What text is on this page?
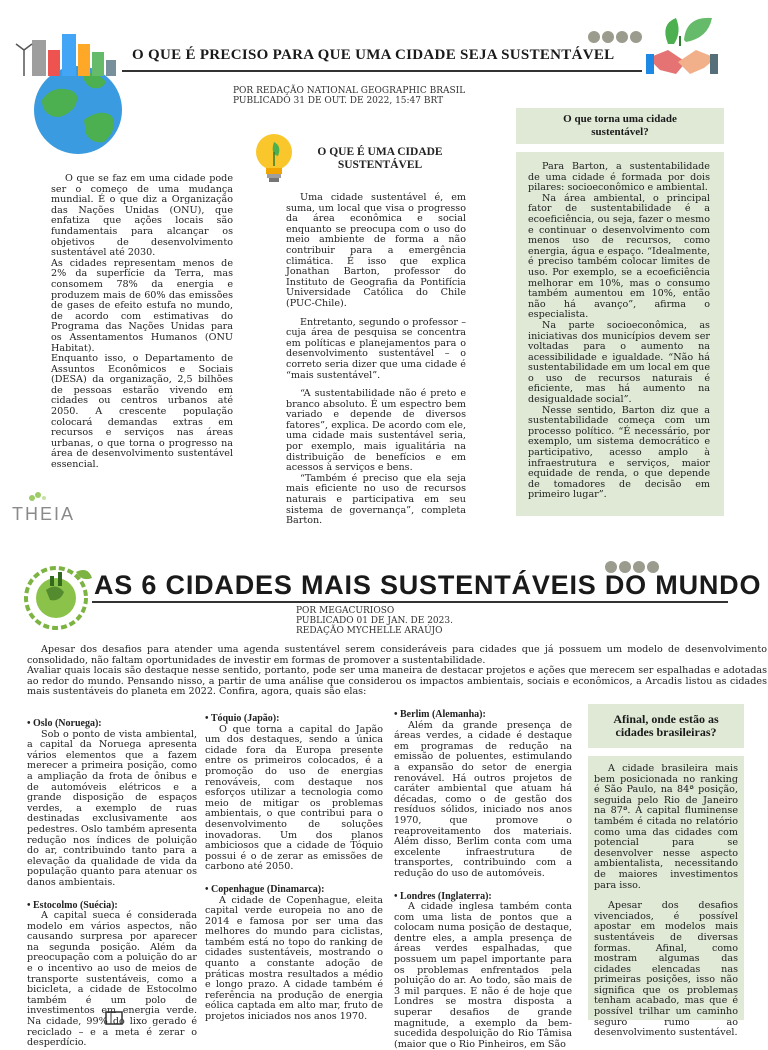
O QUE É PRECISO PARA QUE UMA CIDADE SEJA SUSTENTÁVEL
POR REDAÇÃO NATIONAL GEOGRAPHIC BRASIL
PUBLICADO 31 DE OUT. DE 2022, 15:47 BRT

O que se faz em uma cidade pode ser o começo de uma mudança mundial. É o que diz a Organização das Nações Unidas (ONU), que enfatiza que ações locais são fundamentais para alcançar os objetivos de desenvolvimento sustentável até 2030.

As cidades representam menos de 2% da superfície da Terra, mas consomem 78% da energia e produzem mais de 60% das emissões de gases de efeito estufa no mundo, de acordo com estimativas do Programa das Nações Unidas para os Assentamentos Humanos (ONU Habitat).

Enquanto isso, o Departamento de Assuntos Econômicos e Sociais (DESA) da organização, 2,5 bilhões de pessoas estarão vivendo em cidades ou centros urbanos até 2050. A crescente população colocará demandas extras em recursos e serviços nas áreas urbanas, o que torna o progresso na área de desenvolvimento sustentável essencial.

O QUE É UMA CIDADE SUSTENTÁVEL

Uma cidade sustentável é, em suma, um local que visa o progresso da área econômica e social enquanto se preocupa com o uso do meio ambiente de forma a não contribuir para a emergência climática. É isso que explica Jonathan Barton, professor do Instituto de Geografia da Pontifícia Universidade Católica do Chile (PUC-Chile).

Entretanto, segundo o professor – cuja área de pesquisa se concentra em políticas e planejamentos para o desenvolvimento sustentável – o correto seria dizer que uma cidade é “mais sustentável”.

“A sustentabilidade não é preto e branco absoluto. É um espectro bem variado e depende de diversos fatores”, explica. De acordo com ele, uma cidade mais sustentável seria, por exemplo, mais igualitária na distribuição de benefícios e em acessos à serviços e bens.

“Também é preciso que ela seja mais eficiente no uso de recursos naturais e participativa em seu sistema de governança”, completa Barton.

O que torna uma cidade sustentável?

Para Barton, a sustentabilidade de uma cidade é formada por dois pilares: socioeconômico e ambiental.

Na área ambiental, o principal fator de sustentabilidade é a ecoeficiência, ou seja, fazer o mesmo e continuar o desenvolvimento com menos uso de recursos, como energia, água e espaço. “Idealmente, é preciso também colocar limites de uso. Por exemplo, se a ecoeficiência melhorar em 10%, mas o consumo também aumentou em 10%, então não há avanço”, afirma o especialista.

Na parte socioeconômica, as iniciativas dos municípios devem ser voltadas para o aumento na acessibilidade e igualdade. “Não há sustentabilidade em um local em que o uso de recursos naturais é eficiente, mas há aumento na desigualdade social”.

Nesse sentido, Barton diz que a sustentabilidade começa com um processo político. “É necessário, por exemplo, um sistema democrático e participativo, acesso amplo à infraestrutura e serviços, maior equidade de renda, o que depende de tomadores de decisão em primeiro lugar”.

THEIA
AS 6 CIDADES MAIS SUSTENTÁVEIS DO MUNDO
POR MEGACURIOSO
PUBLICADO 01 DE JAN. DE 2023.
REDAÇÃO MYCHELLE ARAÚJO

Apesar dos desafios para atender uma agenda sustentável serem consideráveis para cidades que já possuem um modelo de desenvolvimento consolidado, não faltam oportunidades de investir em formas de promover a sustentabilidade.

Avaliar quais locais são destaque nesse sentido, portanto, pode ser uma maneira de destacar projetos e ações que merecem ser espalhadas e adotadas ao redor do mundo. Pensando nisso, a partir de uma análise que considerou os impactos ambientais, sociais e econômicos, a Arcadis listou as cidades mais sustentáveis do planeta em 2022. Confira, agora, quais são elas:

• Oslo (Noruega):

Sob o ponto de vista ambiental, a capital da Noruega apresenta vários elementos que a fazem merecer a primeira posição, como a ampliação da frota de ônibus e de automóveis elétricos e a grande disposição de espaços verdes, a exemplo de ruas destinadas exclusivamente aos pedestres. Oslo também apresenta redução nos índices de poluição do ar, contribuindo tanto para a elevação da qualidade de vida da população quanto para atenuar os danos ambientais.

• Estocolmo (Suécia):

A capital sueca é considerada modelo em vários aspectos, não causando surpresa por aparecer na segunda posição. Além da preocupação com a poluição do ar e o incentivo ao uso de meios de transporte sustentáveis, como a bicicleta, a cidade de Estocolmo também é um polo de investimentos em energia verde. Na cidade, 99% do lixo gerado é reciclado – e a meta é zerar o desperdício.

• Tóquio (Japão):

O que torna a capital do Japão um dos destaques, sendo a única cidade fora da Europa presente entre os primeiros colocados, é a promoção do uso de energias renováveis, com destaque nos esforços utilizar a tecnologia como meio de mitigar os problemas ambientais, o que contribui para o desenvolvimento de soluções inovadoras. Um dos planos ambiciosos que a cidade de Tóquio possui é o de zerar as emissões de carbono até 2050.

• Copenhague (Dinamarca):

A cidade de Copenhague, eleita capital verde europeia no ano de 2014 e famosa por ser uma das melhores do mundo para ciclistas, também está no topo do ranking de cidades sustentáveis, mostrando o quanto a constante adoção de práticas mostra resultados a médio e longo prazo. A cidade também é referência na produção de energia eólica captada em alto mar, fruto de projetos iniciados nos anos 1970.

• Berlim (Alemanha):

Além da grande presença de áreas verdes, a cidade é destaque em programas de redução na emissão de poluentes, estimulando a expansão do setor de energia renovável. Há outros projetos de caráter ambiental que atuam há décadas, como o de gestão dos resíduos sólidos, iniciado nos anos 1970, que promove o reaproveitamento dos materiais. Além disso, Berlim conta com uma excelente infraestrutura de transportes, contribuindo com a redução do uso de automóveis.

• Londres (Inglaterra):

A cidade inglesa também conta com uma lista de pontos que a colocam numa posição de destaque, dentre eles, a ampla presença de áreas verdes espalhadas, que possuem um papel importante para os problemas enfrentados pela poluição do ar. Ao todo, são mais de 3 mil parques. E não é de hoje que Londres se mostra disposta a superar desafios de grande magnitude, a exemplo da bem-sucedida despoluição do Rio Tâmisa (maior que o Rio Pinheiros, em São

Afinal, onde estão as cidades brasileiras?

A cidade brasileira mais bem posicionada no ranking é São Paulo, na 84ª posição, seguida pelo Rio de Janeiro na 87ª. A capital fluminense também é citada no relatório como uma das cidades com potencial para se desenvolver nesse aspecto ambientalista, necessitando de maiores investimentos para isso.

Apesar dos desafios vivenciados, é possível apostar em modelos mais sustentáveis de diversas formas. Afinal, como mostram algumas das cidades elencadas nas primeiras posições, isso não significa que os problemas tenham acabado, mas que é possível trilhar um caminho seguro rumo ao desenvolvimento sustentável.
